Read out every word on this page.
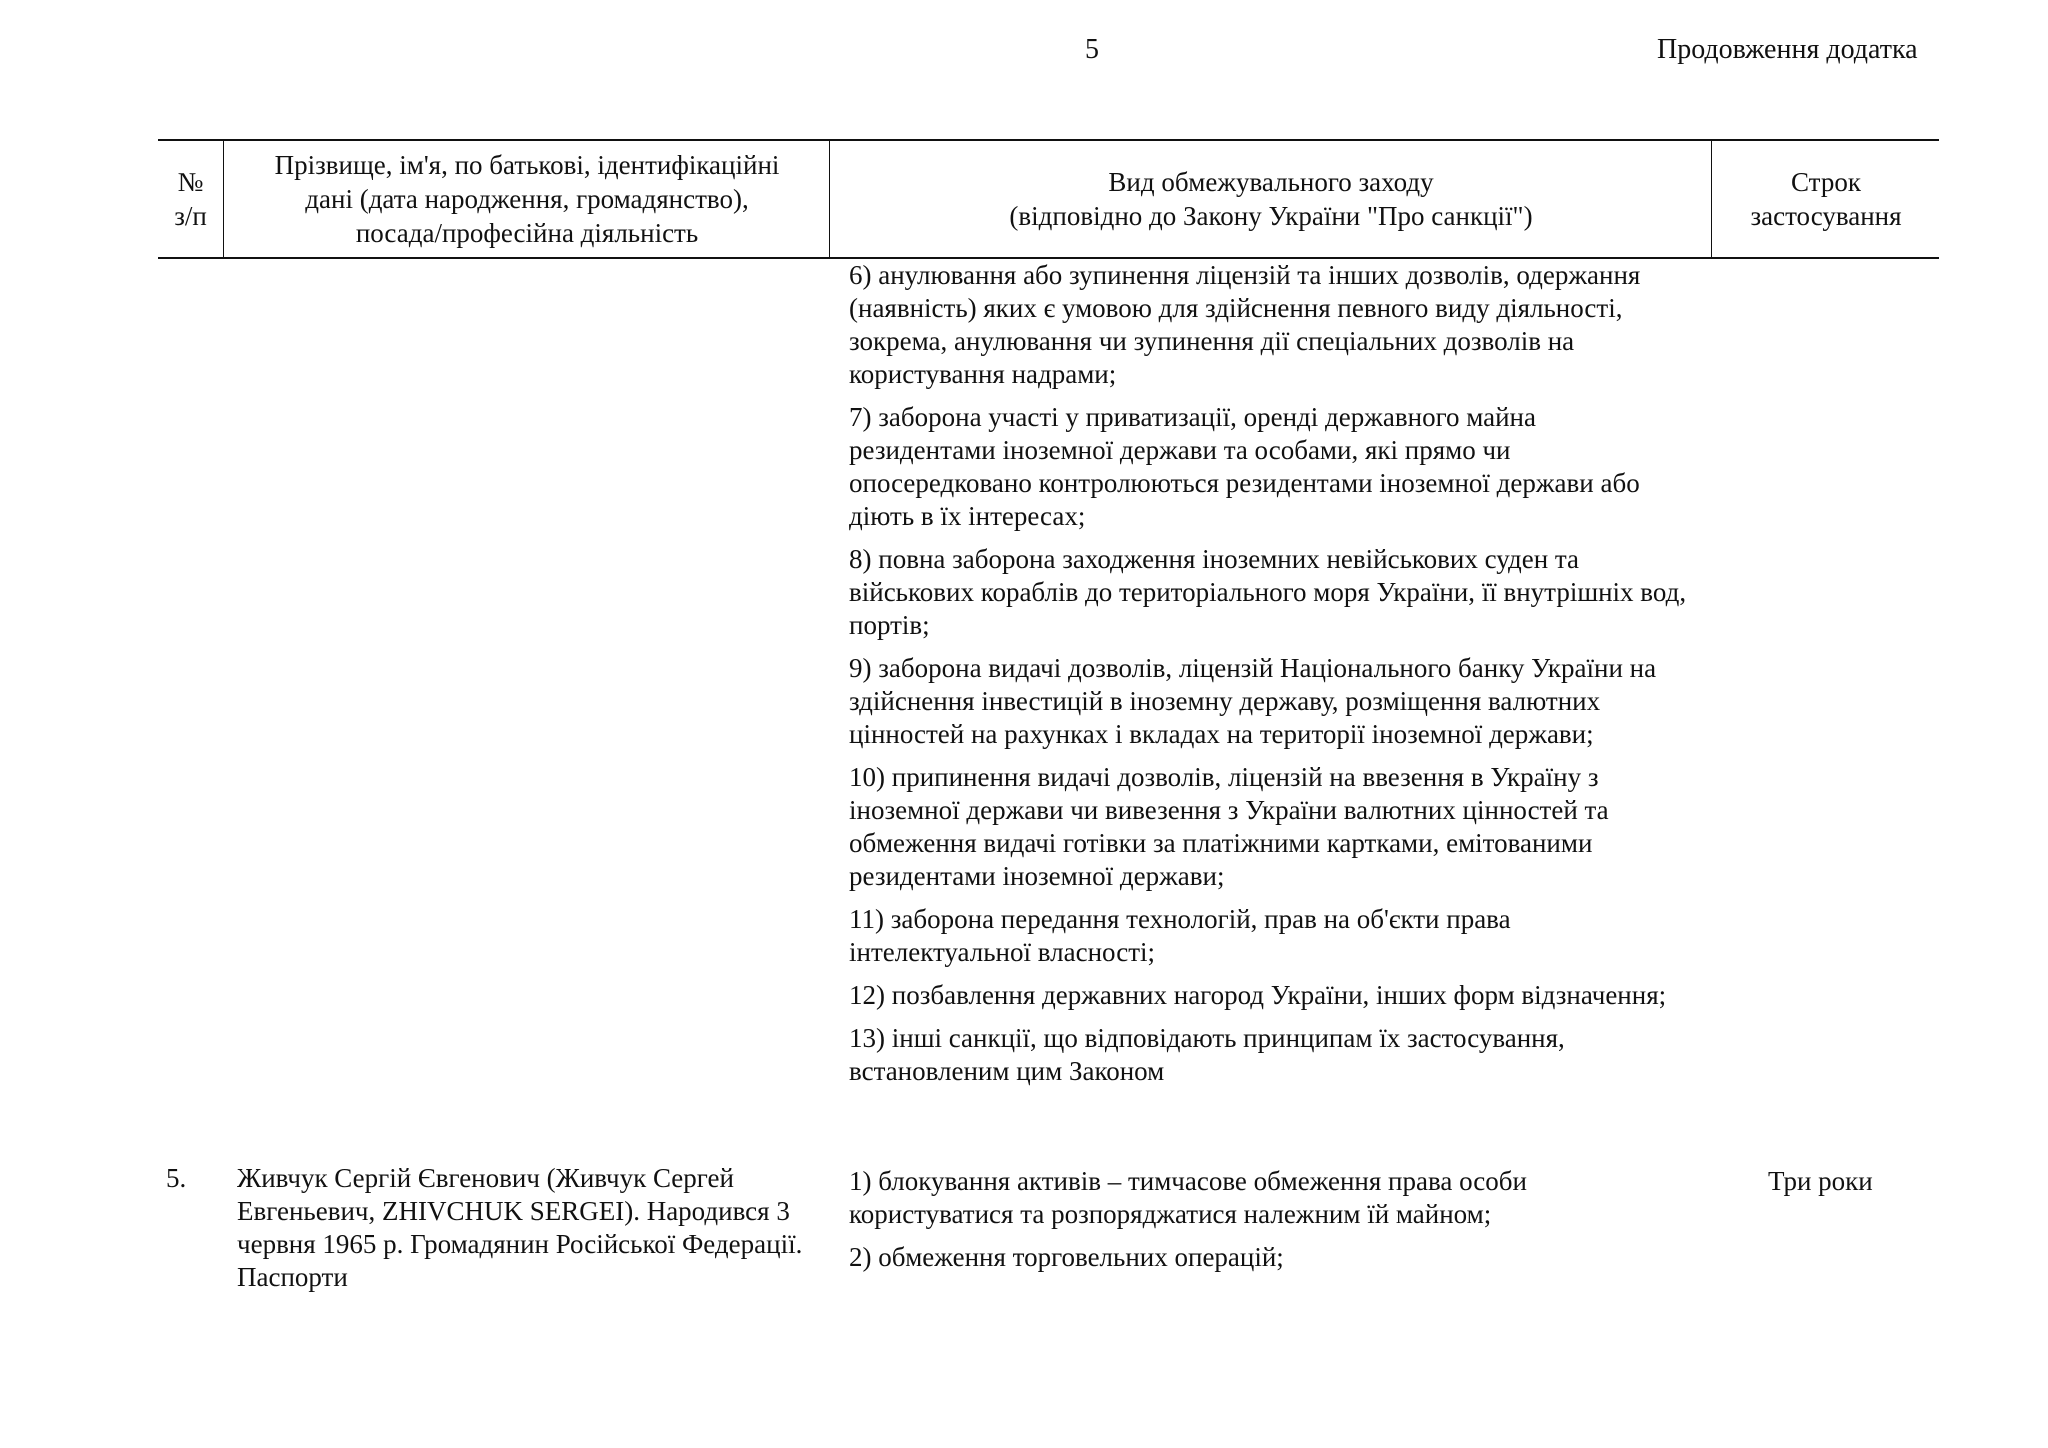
5	Продовження додатка
№
з/п
Прізвище, ім'я, по батькові, ідентифікаційні
дані (дата народження, громадянство),
посада/професійна діяльність
Вид обмежувального заходу
(відповідно до Закону України "Про санкції")
Строк
застосування
6) анулювання або зупинення ліцензій та інших дозволів, одержання (наявність) яких є умовою для здійснення певного виду діяльності, зокрема, анулювання чи зупинення дії спеціальних дозволів на користування надрами;
7) заборона участі у приватизації, оренді державного майна резидентами іноземної держави та особами, які прямо чи опосередковано контролюються резидентами іноземної держави або діють в їх інтересах;
8) повна заборона заходження іноземних невійськових суден та військових кораблів до територіального моря України, її внутрішніх вод, портів;
9) заборона видачі дозволів, ліцензій Національного банку України на здійснення інвестицій в іноземну державу, розміщення валютних цінностей на рахунках і вкладах на території іноземної держави;
10) припинення видачі дозволів, ліцензій на ввезення в Україну з іноземної держави чи вивезення з України валютних цінностей та обмеження видачі готівки за платіжними картками, емітованими резидентами іноземної держави;
11) заборона передання технологій, прав на об'єкти права інтелектуальної власності;
12) позбавлення державних нагород України, інших форм відзначення;
13) інші санкції, що відповідають принципам їх застосування, встановленим цим Законом
5. Живчук Сергій Євгенович (Живчук Сергей Евгеньевич, ZHIVCHUK SERGEI). Народився 3 червня 1965 р. Громадянин Російської Федерації. Паспорти
1) блокування активів – тимчасове обмеження права особи користуватися та розпоряджатися належним їй майном;
2) обмеження торговельних операцій;
Три роки
